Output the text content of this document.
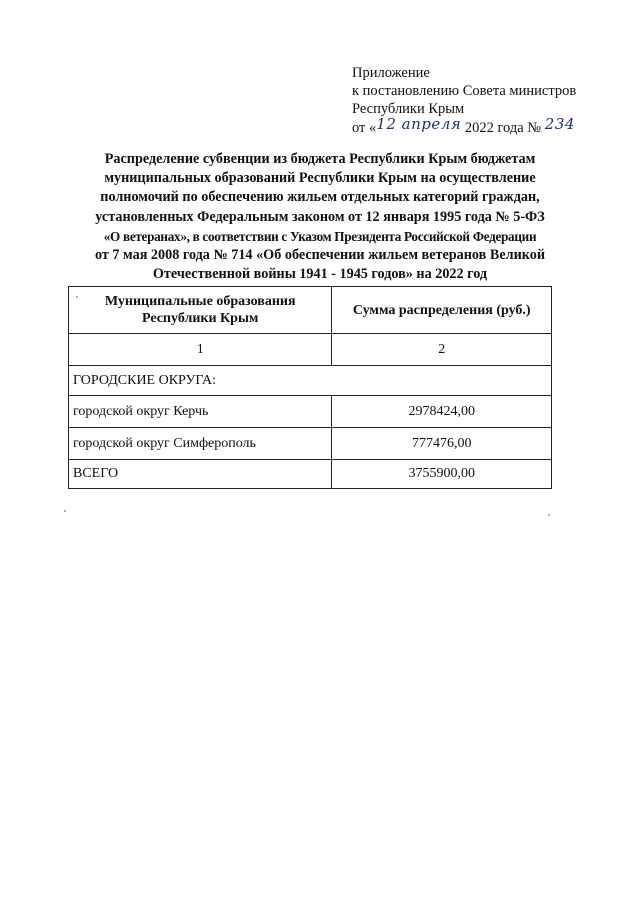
Приложение
к постановлению Совета министров
Республики Крым
от «12 апреля 2022 года № 234
Распределение субвенции из бюджета Республики Крым бюджетам
муниципальных образований Республики Крым на осуществление
полномочий по обеспечению жильем отдельных категорий граждан,
установленных Федеральным законом от 12 января 1995 года № 5-ФЗ
«О ветеранах», в соответствии с Указом Президента Российской Федерации
от 7 мая 2008 года № 714 «Об обеспечении жильем ветеранов Великой
Отечественной войны 1941 - 1945 годов» на 2022 год
Муниципальные образования
Республики Крым	Сумма распределения (руб.)
1	2
ГОРОДСКИЕ ОКРУГА:	
городской округ Керчь	2978424,00
городской округ Симферополь	777476,00
ВСЕГО	3755900,00
